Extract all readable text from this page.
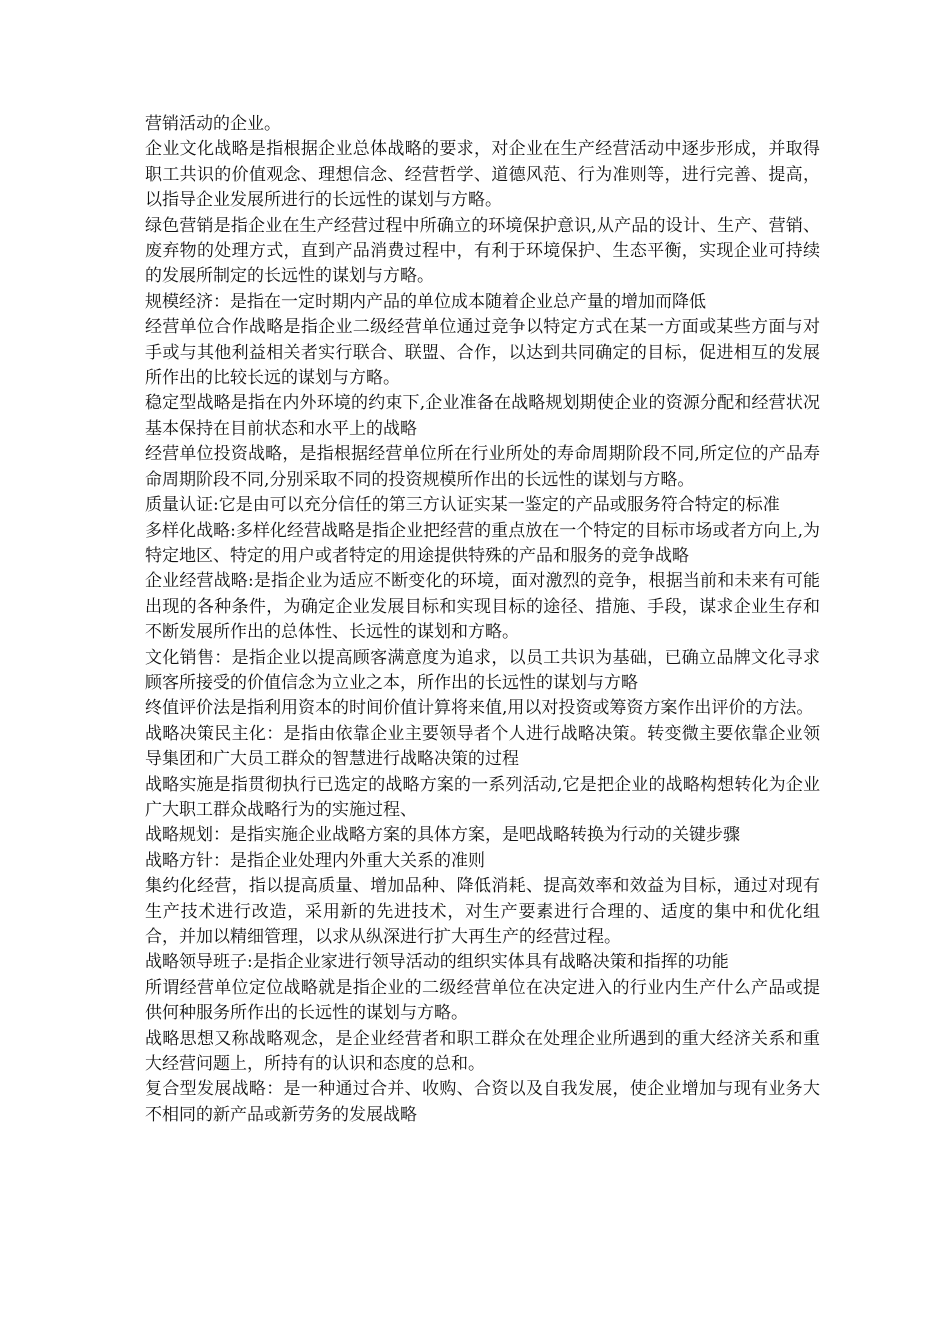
营销活动的企业。

企业文化战略是指根据企业总体战略的要求，对企业在生产经营活动中逐步形成，并取得职工共识的价值观念、理想信念、经营哲学、道德风范、行为准则等，进行完善、提高，以指导企业发展所进行的长远性的谋划与方略。

绿色营销是指企业在生产经营过程中所确立的环境保护意识,从产品的设计、生产、营销、废弃物的处理方式，直到产品消费过程中，有利于环境保护、生态平衡，实现企业可持续的发展所制定的长远性的谋划与方略。

规模经济：是指在一定时期内产品的单位成本随着企业总产量的增加而降低

经营单位合作战略是指企业二级经营单位通过竞争以特定方式在某一方面或某些方面与对手或与其他利益相关者实行联合、联盟、合作，以达到共同确定的目标，促进相互的发展所作出的比较长远的谋划与方略。

稳定型战略是指在内外环境的约束下,企业准备在战略规划期使企业的资源分配和经营状况基本保持在目前状态和水平上的战略

经营单位投资战略，是指根据经营单位所在行业所处的寿命周期阶段不同,所定位的产品寿命周期阶段不同,分别采取不同的投资规模所作出的长远性的谋划与方略。

质量认证:它是由可以充分信任的第三方认证实某一鉴定的产品或服务符合特定的标准

多样化战略:多样化经营战略是指企业把经营的重点放在一个特定的目标市场或者方向上,为特定地区、特定的用户或者特定的用途提供特殊的产品和服务的竞争战略

企业经营战略:是指企业为适应不断变化的环境，面对激烈的竞争，根据当前和未来有可能出现的各种条件，为确定企业发展目标和实现目标的途径、措施、手段，谋求企业生存和不断发展所作出的总体性、长远性的谋划和方略。

文化销售：是指企业以提高顾客满意度为追求，以员工共识为基础，已确立品牌文化寻求顾客所接受的价值信念为立业之本，所作出的长远性的谋划与方略

终值评价法是指利用资本的时间价值计算将来值,用以对投资或筹资方案作出评价的方法。

战略决策民主化：是指由依靠企业主要领导者个人进行战略决策。转变微主要依靠企业领导集团和广大员工群众的智慧进行战略决策的过程

战略实施是指贯彻执行已选定的战略方案的一系列活动,它是把企业的战略构想转化为企业广大职工群众战略行为的实施过程、

战略规划：是指实施企业战略方案的具体方案，是吧战略转换为行动的关键步骤

战略方针：是指企业处理内外重大关系的准则

集约化经营，指以提高质量、增加品种、降低消耗、提高效率和效益为目标，通过对现有生产技术进行改造，采用新的先进技术，对生产要素进行合理的、适度的集中和优化组合，并加以精细管理，以求从纵深进行扩大再生产的经营过程。

战略领导班子:是指企业家进行领导活动的组织实体具有战略决策和指挥的功能

所谓经营单位定位战略就是指企业的二级经营单位在决定进入的行业内生产什么产品或提供何种服务所作出的长远性的谋划与方略。

战略思想又称战略观念，是企业经营者和职工群众在处理企业所遇到的重大经济关系和重大经营问题上，所持有的认识和态度的总和。

复合型发展战略：是一种通过合并、收购、合资以及自我发展，使企业增加与现有业务大不相同的新产品或新劳务的发展战略
